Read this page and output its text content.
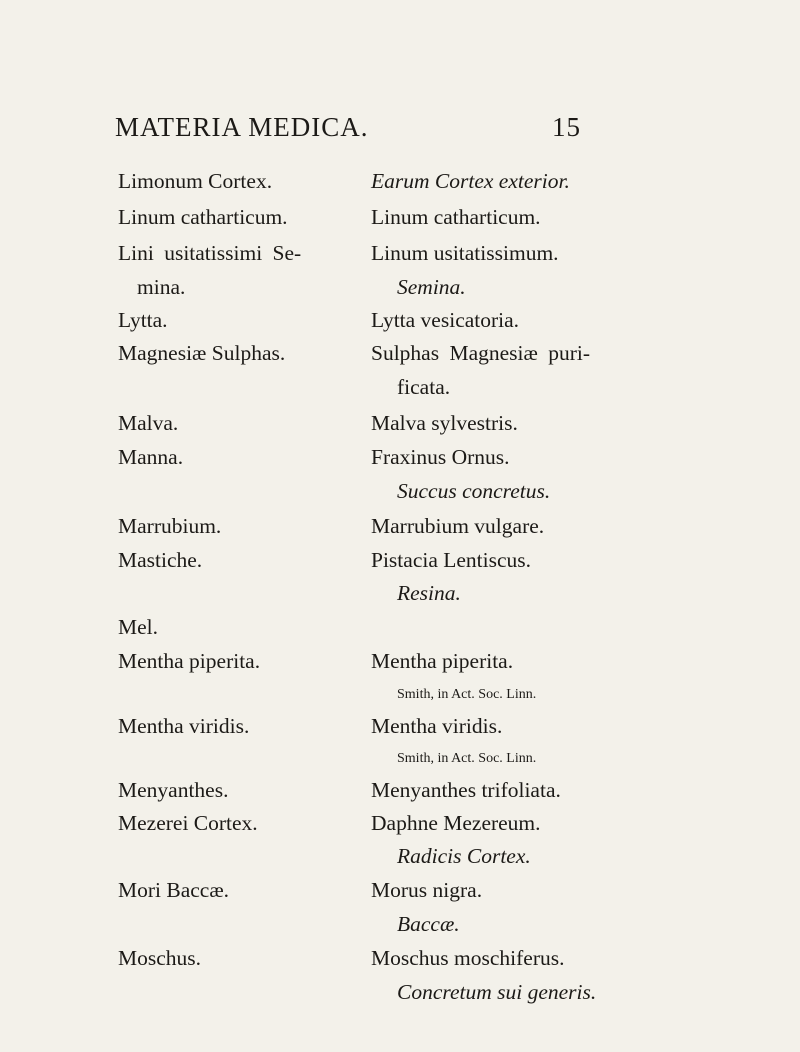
MATERIA MEDICA.	15
Limonum Cortex.
Linum catharticum.
Lini usitatissimi Se-
mina.
Lytta.
Magnesiæ Sulphas.
Malva.
Manna.
Marrubium.
Mastiche.
Mel.
Mentha piperita.
Mentha viridis.
Menyanthes.
Mezerei Cortex.
Mori Baccæ.
Moschus.
Earum Cortex exterior.
Linum catharticum.
Linum usitatissimum.
Semina.
Lytta vesicatoria.
Sulphas Magnesiæ puri-
ficata.
Malva sylvestris.
Fraxinus Ornus.
Succus concretus.
Marrubium vulgare.
Pistacia Lentiscus.
Resina.
Mentha piperita.
Smith, in Act. Soc. Linn.
Mentha viridis.
Smith, in Act. Soc. Linn.
Menyanthes trifoliata.
Daphne Mezereum.
Radicis Cortex.
Morus nigra.
Baccæ.
Moschus moschiferus.
Concretum sui generis.
